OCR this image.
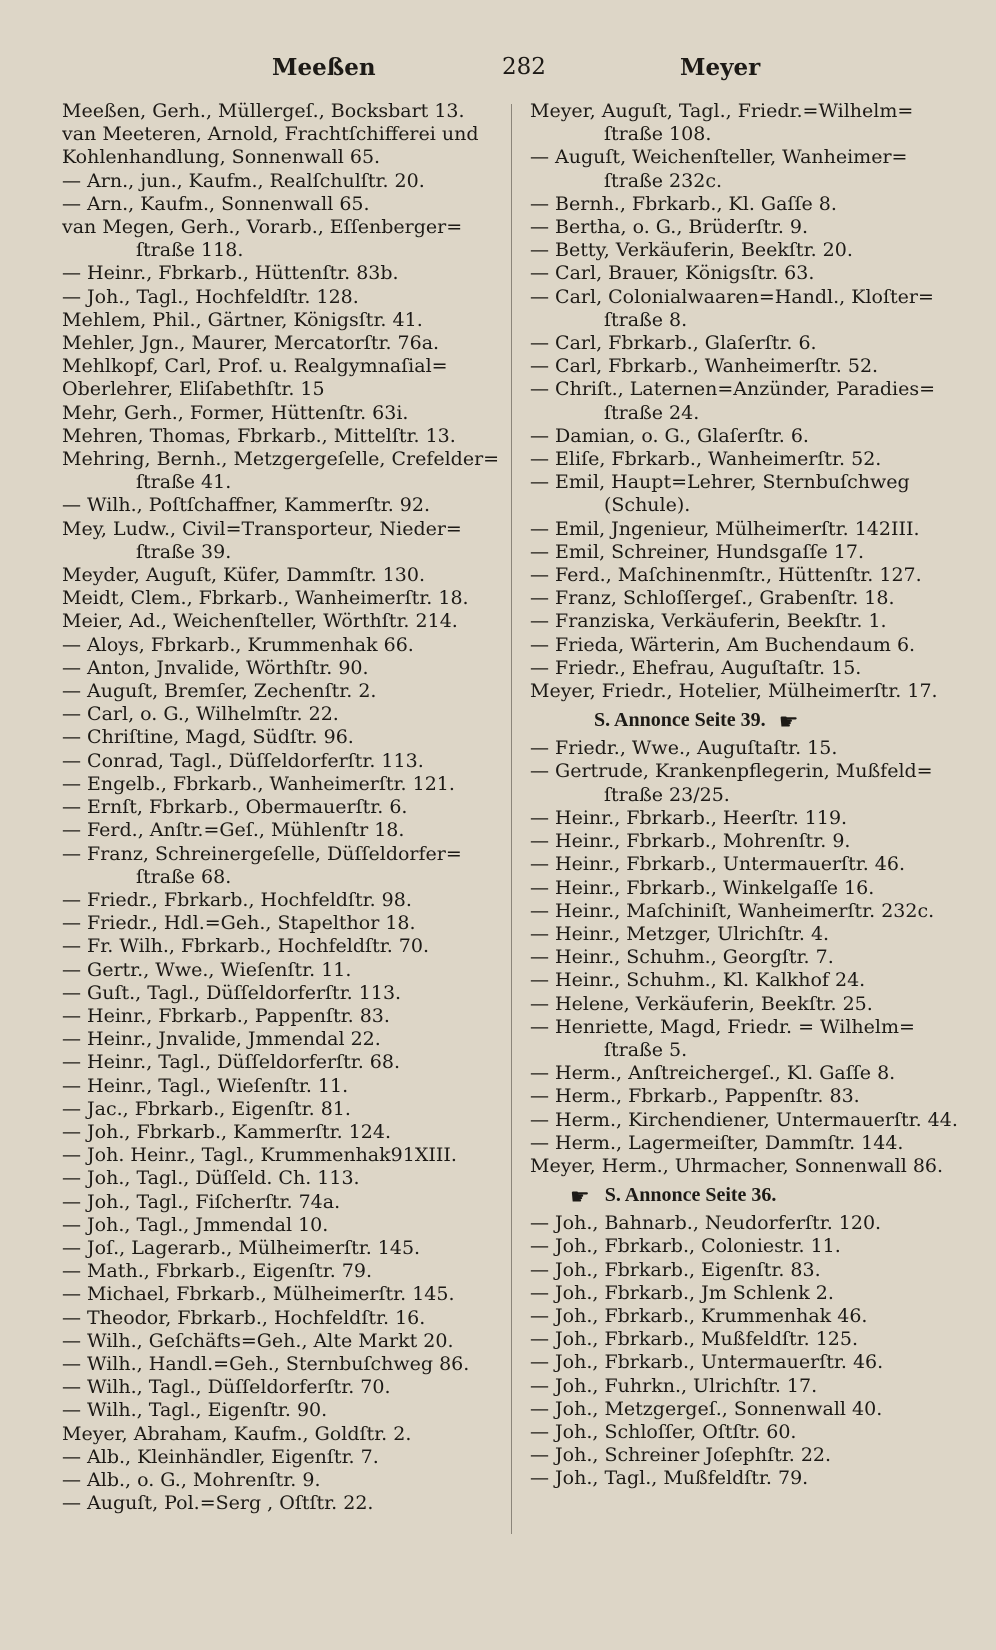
Meeßen	282	Meyer
Meeßen, Gerh., Müllergeſ., Bocksbart 13.
van Meeteren, Arnold, Frachtſchifferei und
Kohlenhandlung, Sonnenwall 65.
— Arn., jun., Kaufm., Realſchulſtr. 20.
— Arn., Kaufm., Sonnenwall 65.
van Megen, Gerh., Vorarb., Eſſenberger=
ſtraße 118.
— Heinr., Fbrkarb., Hüttenſtr. 83b.
— Joh., Tagl., Hochfeldſtr. 128.
Mehlem, Phil., Gärtner, Königsſtr. 41.
Mehler, Jgn., Maurer, Mercatorſtr. 76a.
Mehlkopf, Carl, Prof. u. Realgymnaſial=
Oberlehrer, Eliſabethſtr. 15
Mehr, Gerh., Former, Hüttenſtr. 63i.
Mehren, Thomas, Fbrkarb., Mittelſtr. 13.
Mehring, Bernh., Metzgergeſelle, Crefelder=
ſtraße 41.
— Wilh., Poſtſchaffner, Kammerſtr. 92.
Mey, Ludw., Civil=Transporteur, Nieder=
ſtraße 39.
Meyder, Auguſt, Küfer, Dammſtr. 130.
Meidt, Clem., Fbrkarb., Wanheimerſtr. 18.
Meier, Ad., Weichenſteller, Wörthſtr. 214.
— Aloys, Fbrkarb., Krummenhak 66.
— Anton, Jnvalide, Wörthſtr. 90.
— Auguſt, Bremſer, Zechenſtr. 2.
— Carl, o. G., Wilhelmſtr. 22.
— Chriſtine, Magd, Südſtr. 96.
— Conrad, Tagl., Düſſeldorferſtr. 113.
— Engelb., Fbrkarb., Wanheimerſtr. 121.
— Ernſt, Fbrkarb., Obermauerſtr. 6.
— Ferd., Anſtr.=Geſ., Mühlenſtr 18.
— Franz, Schreinergeſelle, Düſſeldorfer=
ſtraße 68.
— Friedr., Fbrkarb., Hochfeldſtr. 98.
— Friedr., Hdl.=Geh., Stapelthor 18.
— Fr. Wilh., Fbrkarb., Hochfeldſtr. 70.
— Gertr., Wwe., Wieſenſtr. 11.
— Guſt., Tagl., Düſſeldorferſtr. 113.
— Heinr., Fbrkarb., Pappenſtr. 83.
— Heinr., Jnvalide, Jmmendal 22.
— Heinr., Tagl., Düſſeldorferſtr. 68.
— Heinr., Tagl., Wieſenſtr. 11.
— Jac., Fbrkarb., Eigenſtr. 81.
— Joh., Fbrkarb., Kammerſtr. 124.
— Joh. Heinr., Tagl., Krummenhak91XIII.
— Joh., Tagl., Düſſeld. Ch. 113.
— Joh., Tagl., Fiſcherſtr. 74a.
— Joh., Tagl., Jmmendal 10.
— Joſ., Lagerarb., Mülheimerſtr. 145.
— Math., Fbrkarb., Eigenſtr. 79.
— Michael, Fbrkarb., Mülheimerſtr. 145.
— Theodor, Fbrkarb., Hochfeldſtr. 16.
— Wilh., Geſchäfts=Geh., Alte Markt 20.
— Wilh., Handl.=Geh., Sternbuſchweg 86.
— Wilh., Tagl., Düſſeldorferſtr. 70.
— Wilh., Tagl., Eigenſtr. 90.
Meyer, Abraham, Kaufm., Goldſtr. 2.
— Alb., Kleinhändler, Eigenſtr. 7.
— Alb., o. G., Mohrenſtr. 9.
— Auguſt, Pol.=Serg , Oſtſtr. 22.
Meyer, Auguſt, Tagl., Friedr.=Wilhelm=
ſtraße 108.
— Auguſt, Weichenſteller, Wanheimer=
ſtraße 232c.
— Bernh., Fbrkarb., Kl. Gaſſe 8.
— Bertha, o. G., Brüderſtr. 9.
— Betty, Verkäuferin, Beekſtr. 20.
— Carl, Brauer, Königsſtr. 63.
— Carl, Colonialwaaren=Handl., Kloſter=
ſtraße 8.
— Carl, Fbrkarb., Glaſerſtr. 6.
— Carl, Fbrkarb., Wanheimerſtr. 52.
— Chriſt., Laternen=Anzünder, Paradies=
ſtraße 24.
— Damian, o. G., Glaſerſtr. 6.
— Eliſe, Fbrkarb., Wanheimerſtr. 52.
— Emil, Haupt=Lehrer, Sternbuſchweg
(Schule).
— Emil, Jngenieur, Mülheimerſtr. 142III.
— Emil, Schreiner, Hundsgaſſe 17.
— Ferd., Maſchinenmſtr., Hüttenſtr. 127.
— Franz, Schloſſergeſ., Grabenſtr. 18.
— Franziska, Verkäuferin, Beekſtr. 1.
— Frieda, Wärterin, Am Buchendaum 6.
— Friedr., Ehefrau, Auguſtaſtr. 15.
Meyer, Friedr., Hotelier, Mülheimerſtr. 17.
S. Annonce Seite 39. ☛
— Friedr., Wwe., Auguſtaſtr. 15.
— Gertrude, Krankenpflegerin, Mußfeld=
ſtraße 23/25.
— Heinr., Fbrkarb., Heerſtr. 119.
— Heinr., Fbrkarb., Mohrenſtr. 9.
— Heinr., Fbrkarb., Untermauerſtr. 46.
— Heinr., Fbrkarb., Winkelgaſſe 16.
— Heinr., Maſchiniſt, Wanheimerſtr. 232c.
— Heinr., Metzger, Ulrichſtr. 4.
— Heinr., Schuhm., Georgſtr. 7.
— Heinr., Schuhm., Kl. Kalkhof 24.
— Helene, Verkäuferin, Beekſtr. 25.
— Henriette, Magd, Friedr. = Wilhelm=
ſtraße 5.
— Herm., Anſtreichergeſ., Kl. Gaſſe 8.
— Herm., Fbrkarb., Pappenſtr. 83.
— Herm., Kirchendiener, Untermauerſtr. 44.
— Herm., Lagermeiſter, Dammſtr. 144.
Meyer, Herm., Uhrmacher, Sonnenwall 86.
☛ S. Annonce Seite 36.
— Joh., Bahnarb., Neudorferſtr. 120.
— Joh., Fbrkarb., Coloniestr. 11.
— Joh., Fbrkarb., Eigenſtr. 83.
— Joh., Fbrkarb., Jm Schlenk 2.
— Joh., Fbrkarb., Krummenhak 46.
— Joh., Fbrkarb., Mußfeldſtr. 125.
— Joh., Fbrkarb., Untermauerſtr. 46.
— Joh., Fuhrkn., Ulrichſtr. 17.
— Joh., Metzgergeſ., Sonnenwall 40.
— Joh., Schloſſer, Oſtſtr. 60.
— Joh., Schreiner Joſephſtr. 22.
— Joh., Tagl., Mußfeldſtr. 79.
